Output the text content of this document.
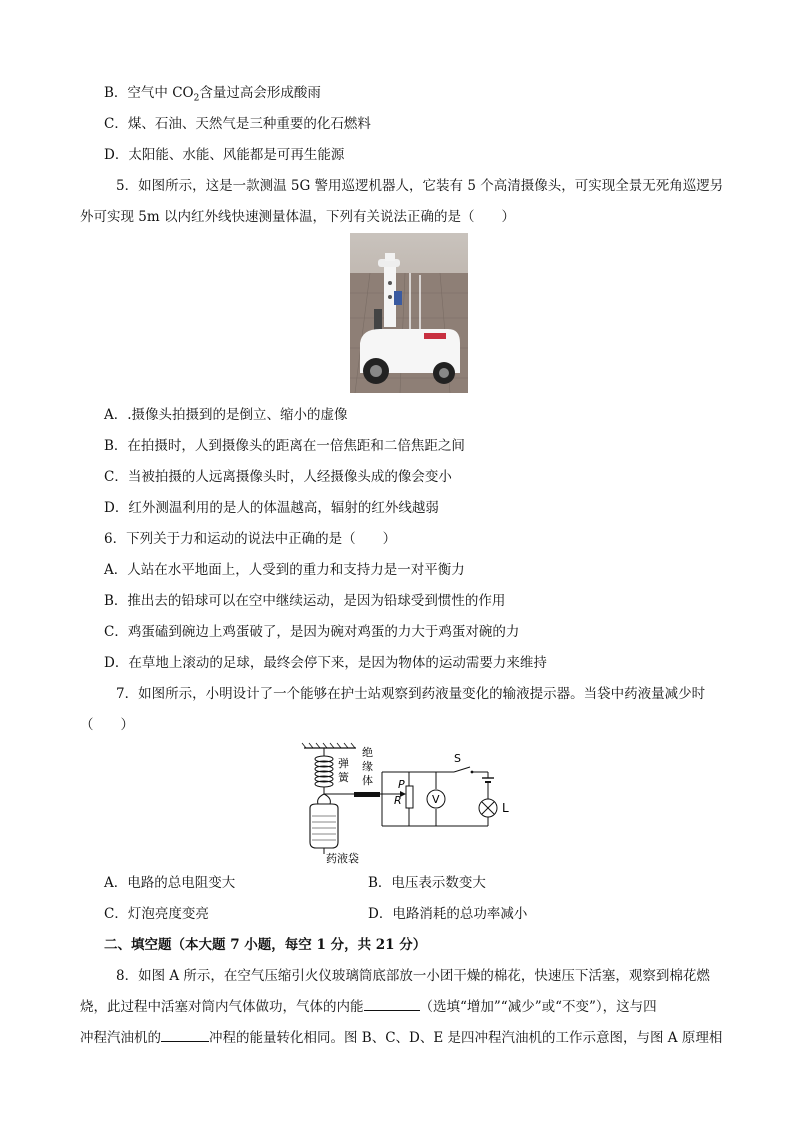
B．空气中 $CO_2$含量过高会形成酸雨
C．煤、石油、天然气是三种重要的化石燃料
D．太阳能、水能、风能都是可再生能源
5．如图所示，这是一款测温 5G 警用巡逻机器人，它装有 5 个高清摄像头，可实现全景无死角巡逻另
外可实现 5m 以内红外线快速测量体温，下列有关说法正确的是（　　）
A．.摄像头拍摄到的是倒立、缩小的虚像
B．在拍摄时，人到摄像头的距离在一倍焦距和二倍焦距之间
C．当被拍摄的人远离摄像头时，人经摄像头成的像会变小
D．红外测温利用的是人的体温越高，辐射的红外线越弱
6．下列关于力和运动的说法中正确的是（　　）
A．人站在水平地面上，人受到的重力和支持力是一对平衡力
B．推出去的铅球可以在空中继续运动，是因为铅球受到惯性的作用
C．鸡蛋磕到碗边上鸡蛋破了，是因为碗对鸡蛋的力大于鸡蛋对碗的力
D．在草地上滚动的足球，最终会停下来，是因为物体的运动需要力来维持
7．如图所示，小明设计了一个能够在护士站观察到药液量变化的输液提示器。当袋中药液量减少时
（　　）
弹
簧
绝
缘
体
药液袋
P
R	V
S
L
A．电路的总电阻变大	B．电压表示数变大
C．灯泡亮度变亮	D．电路消耗的总功率减小
二、填空题（本大题 7 小题，每空 1 分，共 21 分）
8．如图 A 所示，在空气压缩引火仪玻璃筒底部放一小团干燥的棉花，快速压下活塞，观察到棉花燃
烧，此过程中活塞对筒内气体做功，气体的内能	（选填“增加”“减少”或“不变”），这与四
冲程汽油机的	冲程的能量转化相同。图 B、C、D、E 是四冲程汽油机的工作示意图，与图 A 原理相
